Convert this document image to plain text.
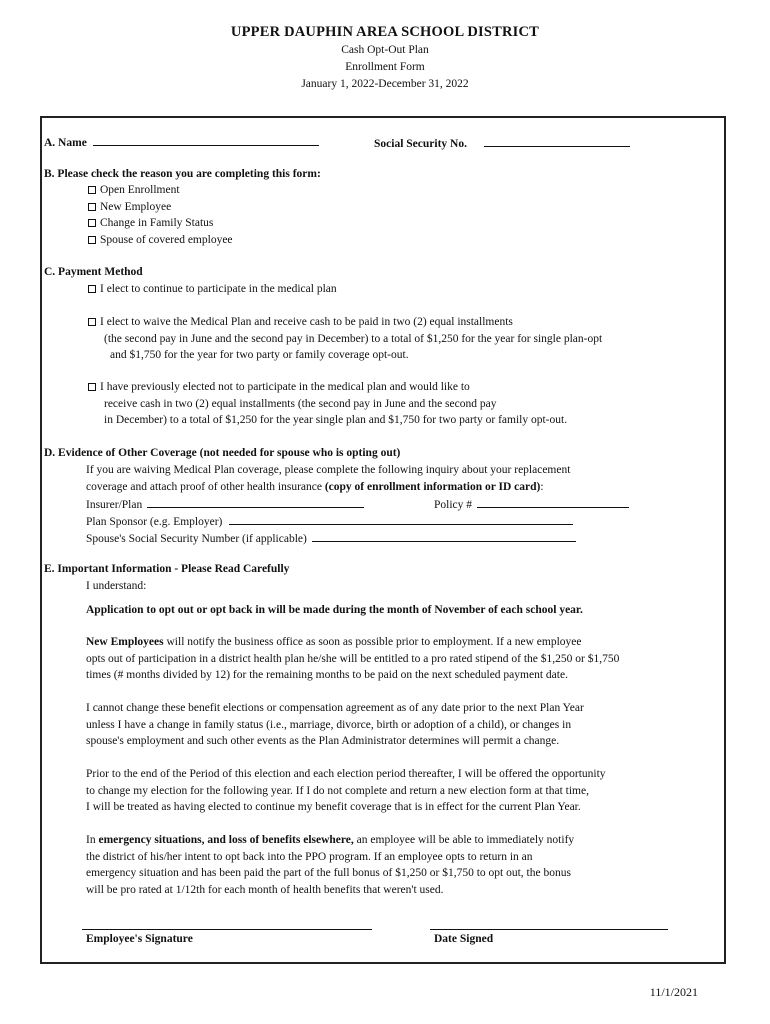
UPPER DAUPHIN AREA SCHOOL DISTRICT
Cash Opt-Out Plan
Enrollment Form
January 1, 2022-December 31, 2022
A. Name	Social Security No.
B. Please check the reason you are completing this form:
Open Enrollment
New Employee
Change in Family Status
Spouse of covered employee
C. Payment Method
I elect to continue to participate in the medical plan
I elect to waive the Medical Plan and receive cash to be paid in two (2) equal installments
(the second pay in June and the second pay in December) to a total of $1,250 for the year for single plan-opt
and $1,750 for the year for two party or family coverage opt-out.
I have previously elected not to participate in the medical plan and would like to
receive cash in two (2) equal installments (the second pay in June and the second pay
in December) to a total of $1,250 for the year single plan and $1,750 for two party or family opt-out.
D. Evidence of Other Coverage (not needed for spouse who is opting out)
If you are waiving Medical Plan coverage, please complete the following inquiry about your replacement
coverage and attach proof of other health insurance (copy of enrollment information or ID card):
Insurer/Plan	Policy #
Plan Sponsor (e.g. Employer)
Spouse's Social Security Number (if applicable)
E. Important Information - Please Read Carefully
I understand:
Application to opt out or opt back in will be made during the month of November of each school year.
New Employees will notify the business office as soon as possible prior to employment. If a new employee
opts out of participation in a district health plan he/she will be entitled to a pro rated stipend of the $1,250 or $1,750
times (# months divided by 12) for the remaining months to be paid on the next scheduled payment date.
I cannot change these benefit elections or compensation agreement as of any date prior to the next Plan Year
unless I have a change in family status (i.e., marriage, divorce, birth or adoption of a child), or changes in
spouse's employment and such other events as the Plan Administrator determines will permit a change.
Prior to the end of the Period of this election and each election period thereafter, I will be offered the opportunity
to change my election for the following year. If I do not complete and return a new election form at that time,
I will be treated as having elected to continue my benefit coverage that is in effect for the current Plan Year.
In emergency situations, and loss of benefits elsewhere, an employee will be able to immediately notify
the district of his/her intent to opt back into the PPO program. If an employee opts to return in an
emergency situation and has been paid the part of the full bonus of $1,250 or $1,750 to opt out, the bonus
will be pro rated at 1/12th for each month of health benefits that weren't used.
Employee's Signature	Date Signed
11/1/2021
